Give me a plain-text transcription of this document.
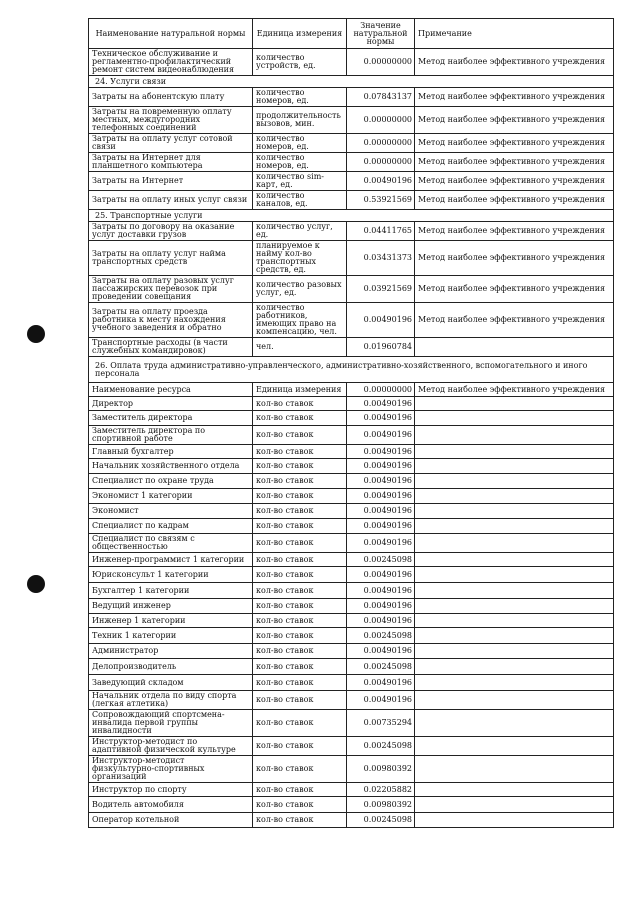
Наименование натуральной нормы	Единица измерения	Значение натуральной нормы	Примечание
Техническое обслуживание и регламентно-профилактический ремонт систем видеонаблюдения	количество устройств, ед.	0.00000000	Метод наиболее эффективного учреждения
24. Услуги связи			
Затраты на абонентскую плату	количество номеров, ед.	0.07843137	Метод наиболее эффективного учреждения
Затраты на повременную оплату местных, междугородних телефонных соединений	продолжительность вызовов, мин.	0.00000000	Метод наиболее эффективного учреждения
Затраты на оплату услуг сотовой связи	количество номеров, ед.	0.00000000	Метод наиболее эффективного учреждения
Затраты на Интернет для планшетного компьютера	количество номеров, ед.	0.00000000	Метод наиболее эффективного учреждения
Затраты на Интернет	количество sim-карт, ед.	0.00490196	Метод наиболее эффективного учреждения
Затраты на оплату иных услуг связи	количество каналов, ед.	0.53921569	Метод наиболее эффективного учреждения
25. Транспортные услуги			
Затраты по договору на оказание услуг доставки грузов	количество услуг, ед.	0.04411765	Метод наиболее эффективного учреждения
Затраты на оплату услуг найма транспортных средств	планируемое к найму кол-во транспортных средств, ед.	0.03431373	Метод наиболее эффективного учреждения
Затраты на оплату разовых услуг пассажирских перевозок при проведении совещания	количество разовых услуг, ед.	0.03921569	Метод наиболее эффективного учреждения
Затраты на оплату проезда работника к месту нахождения учебного заведения и обратно	количество работников, имеющих право на компенсацию, чел.	0.00490196	Метод наиболее эффективного учреждения
Транспортные расходы (в части служебных командировок)	чел.	0.01960784	
26. Оплата труда административно-управленческого, административно-хозяйственного, вспомогательного и иного персонала			
Наименование ресурса	Единица измерения	0.00000000	Метод наиболее эффективного учреждения
Директор	кол-во ставок	0.00490196	
Заместитель директора	кол-во ставок	0.00490196	
Заместитель директора по спортивной работе	кол-во ставок	0.00490196	
Главный бухгалтер	кол-во ставок	0.00490196	
Начальник хозяйственного отдела	кол-во ставок	0.00490196	
Специалист по охране труда	кол-во ставок	0.00490196	
Экономист 1 категории	кол-во ставок	0.00490196	
Экономист	кол-во ставок	0.00490196	
Специалист по кадрам	кол-во ставок	0.00490196	
Специалист по связям с общественностью	кол-во ставок	0.00490196	
Инженер-программист 1 категории	кол-во ставок	0.00245098	
Юрисконсульт 1 категории	кол-во ставок	0.00490196	
Бухгалтер 1 категории	кол-во ставок	0.00490196	
Ведущий инженер	кол-во ставок	0.00490196	
Инженер 1 категории	кол-во ставок	0.00490196	
Техник 1 категории	кол-во ставок	0.00245098	
Администратор	кол-во ставок	0.00490196	
Делопроизводитель	кол-во ставок	0.00245098	
Заведующий складом	кол-во ставок	0.00490196	
Начальник отдела по виду спорта (легкая атлетика)	кол-во ставок	0.00490196	
Сопровождающий спортсмена-инвалида первой группы инвалидности	кол-во ставок	0.00735294	
Инструктор-методист по адаптивной физической культуре	кол-во ставок	0.00245098	
Инструктор-методист физкультурно-спортивных организаций	кол-во ставок	0.00980392	
Инструктор по спорту	кол-во ставок	0.02205882	
Водитель автомобиля	кол-во ставок	0.00980392	
Оператор котельной	кол-во ставок	0.00245098	
